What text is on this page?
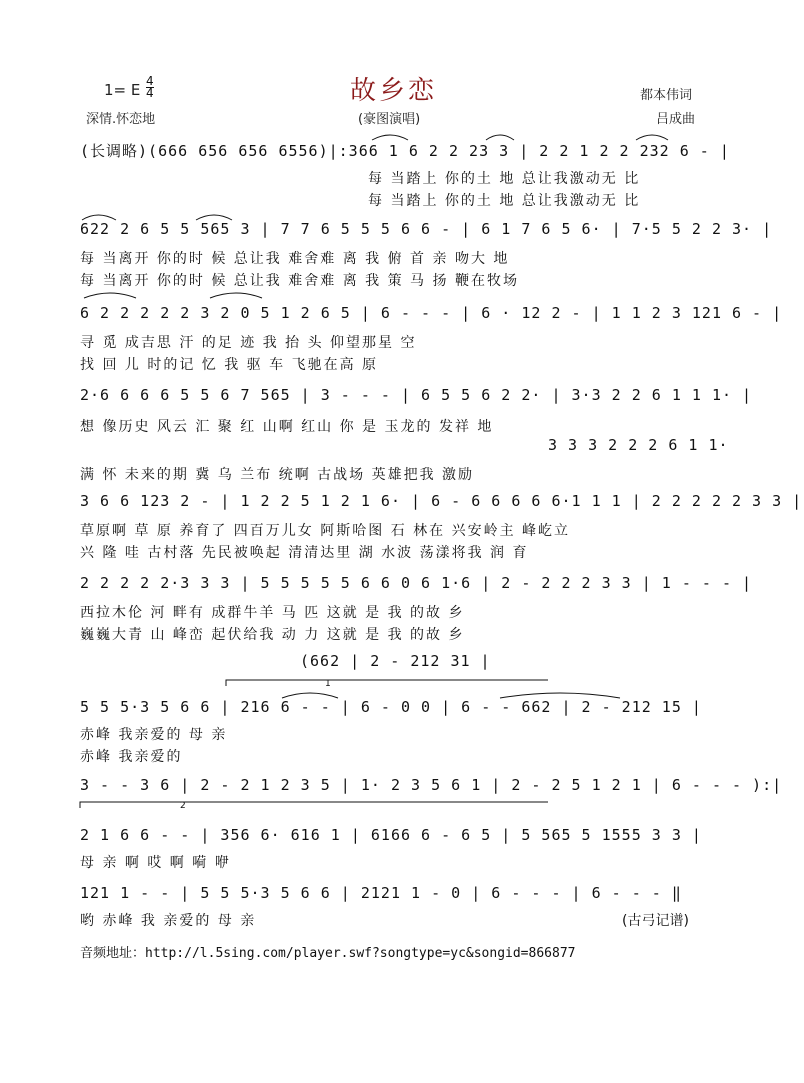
故乡恋
1= E $\frac{4}{4}$
深情.怀恋地	(豪图演唱)
都本伟词
吕成曲
(长调略)(666 656 656 6556)|:366 1 6 2 2 23 3 | 2 2 1 2 2 232 6 - |
每 当踏上 你的土 地 总让我激动无 比
每 当踏上 你的土 地 总让我激动无 比
622 2 6 5 5 565 3 | 7 7 6 5 5 5 6 6 - | 6 1 7 6 5 6· | 7·5 5 2 2 3· |
每 当离开 你的时 候 总让我 难舍难 离 我 俯 首 亲 吻大 地
每 当离开 你的时 候 总让我 难舍难 离 我 策 马 扬 鞭在牧场
6 2 2 2 2 2 3 2 0 5 1 2 6 5 | 6 - - - | 6 · 12 2 - | 1 1 2 3 121 6 - |
寻 觅 成吉思 汗 的足 迹 我 抬 头 仰望那星 空
找 回 儿 时的记 忆 我 驱 车 飞驰在高 原
2·6 6 6 6 5 5 6 7 565 | 3 - - - | 6 5 5 6 2 2· | 3·3 2 2 6 1 1 1· |
想 像历史 风云 汇 聚 红 山啊 红山 你 是 玉龙的 发祥 地
3 3 3 2 2 2 6 1 1·
满 怀 未来的期 冀 乌 兰布 统啊 古战场 英雄把我 激励
3 6 6 123 2 - | 1 2 2 5 1 2 1 6· | 6 - 6 6 6 6 6·1 1 1 | 2 2 2 2 2 3 3 |
草原啊 草 原 养育了 四百万儿女 阿斯哈图 石 林在 兴安岭主 峰屹立
兴 隆 哇 古村落 先民被唤起 清清达里 湖 水波 荡漾将我 润 育
2 2 2 2 2·3 3 3 | 5 5 5 5 5 6 6 0 6 1·6 | 2 - 2 2 2 3 3 | 1 - - - |
西拉木伦 河 畔有 成群牛羊 马 匹 这就 是 我 的故 乡
巍巍大青 山 峰峦 起伏给我 动 力 这就 是 我 的故 乡
(662 | 2 - 212 31 |
5 5 5·3 5 6 6 | 216 6 - - | 6 - 0 0 | 6 - - 662 | 2 - 212 15 |
赤峰 我亲爱的 母 亲
赤峰 我亲爱的
3 - - 3 6 | 2 - 2 1 2 3 5 | 1· 2 3 5 6 1 | 2 - 2 5 1 2 1 | 6 - - - ):|
2 1 6 6 - - | 356 6· 616 1 | 6166 6 - 6 5 | 5 565 5 1555 3 3 |
母 亲 啊 哎 啊 嗬 咿
121 1 - - | 5 5 5·3 5 6 6 | 2121 1 - 0 | 6 - - - | 6 - - - ‖
哟 赤峰 我 亲爱的 母 亲	(古弓记谱)
音频地址：http://l.5sing.com/player.swf?songtype=yc&songid=866877
1
2
